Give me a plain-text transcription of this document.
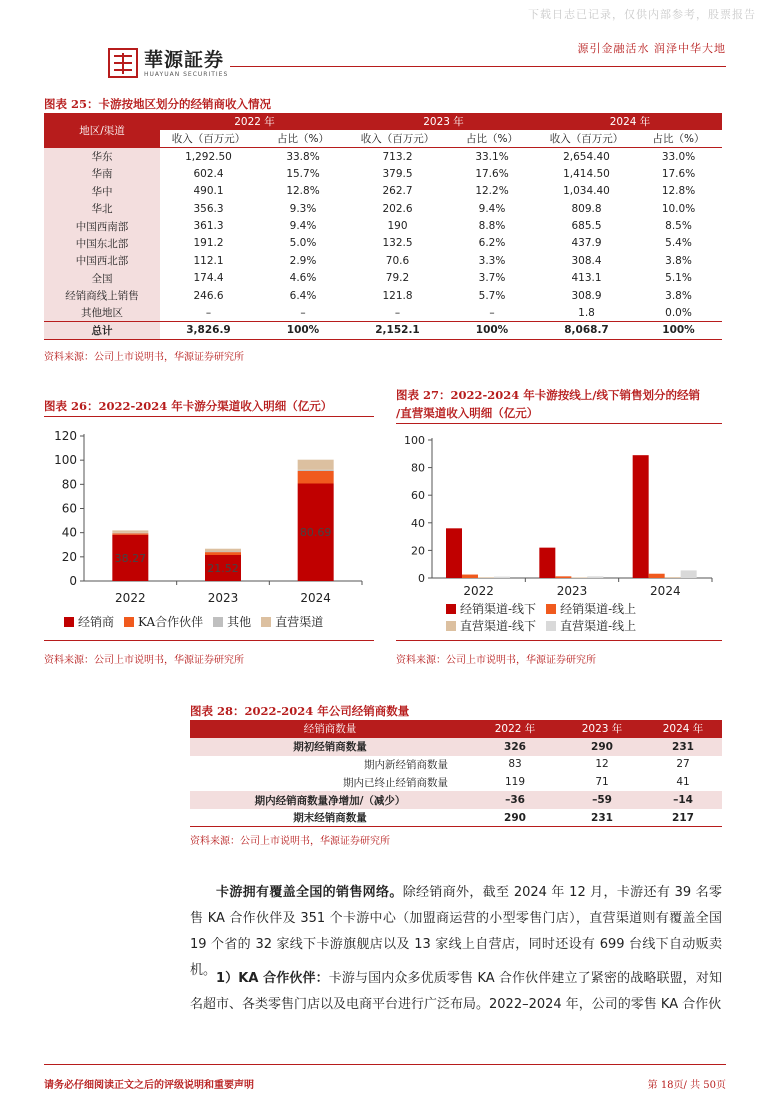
下载日志已记录，仅供内部参考，股票报告
華源証券
HUAYUAN SECURITIES
源引金融活水 润泽中华大地
图表 25：卡游按地区划分的经销商收入情况
地区/渠道	2022 年		2023 年		2024 年	
	收入（百万元）	占比（%）	收入（百万元）	占比（%）	收入（百万元）	占比（%）
华东	1,292.50	33.8%	713.2	33.1%	2,654.40	33.0%
华南	602.4	15.7%	379.5	17.6%	1,414.50	17.6%
华中	490.1	12.8%	262.7	12.2%	1,034.40	12.8%
华北	356.3	9.3%	202.6	9.4%	809.8	10.0%
中国西南部	361.3	9.4%	190	8.8%	685.5	8.5%
中国东北部	191.2	5.0%	132.5	6.2%	437.9	5.4%
中国西北部	112.1	2.9%	70.6	3.3%	308.4	3.8%
全国	174.4	4.6%	79.2	3.7%	413.1	5.1%
经销商线上销售	246.6	6.4%	121.8	5.7%	308.9	3.8%
其他地区	–	–	–	–	1.8	0.0%
总计	3,826.9	100%	2,152.1	100%	8,068.7	100%
资料来源：公司上市说明书，华源证券研究所
图表 26：2022-2024 年卡游分渠道收入明细（亿元）
0
20
40
60
80
100
120
2022
38.27
2023
21.52
2024
80.69
经销商 KA合作伙伴 其他 直营渠道
资料来源：公司上市说明书，华源证券研究所
图表 27：2022-2024 年卡游按线上/线下销售划分的经销
/直营渠道收入明细（亿元）
0
20
40
60
80
100
2022	2023	2024
经销渠道-线下 经销渠道-线上
直营渠道-线下 直营渠道-线上
资料来源：公司上市说明书，华源证券研究所
图表 28：2022-2024 年公司经销商数量
经销商数量	2022 年	2023 年	2024 年
期初经销商数量	326	290	231
期内新经销商数量	83	12	27
期内已终止经销商数量	119	71	41
期内经销商数量净增加/（减少）	–36	–59	–14
期末经销商数量	290	231	217
资料来源：公司上市说明书，华源证券研究所
卡游拥有覆盖全国的销售网络。除经销商外，截至 2024 年 12 月，卡游还有 39 名零售 KA 合作伙伴及 351 个卡游中心（加盟商运营的小型零售门店），直营渠道则有覆盖全国 19 个省的 32 家线下卡游旗舰店以及 13 家线上自营店，同时还设有 699 台线下自动贩卖机。
1）KA 合作伙伴：卡游与国内众多优质零售 KA 合作伙伴建立了紧密的战略联盟，对知名超市、各类零售门店以及电商平台进行广泛布局。2022–2024 年，公司的零售 KA 合作伙
请务必仔细阅读正文之后的评级说明和重要声明	第 18页/ 共 50页
